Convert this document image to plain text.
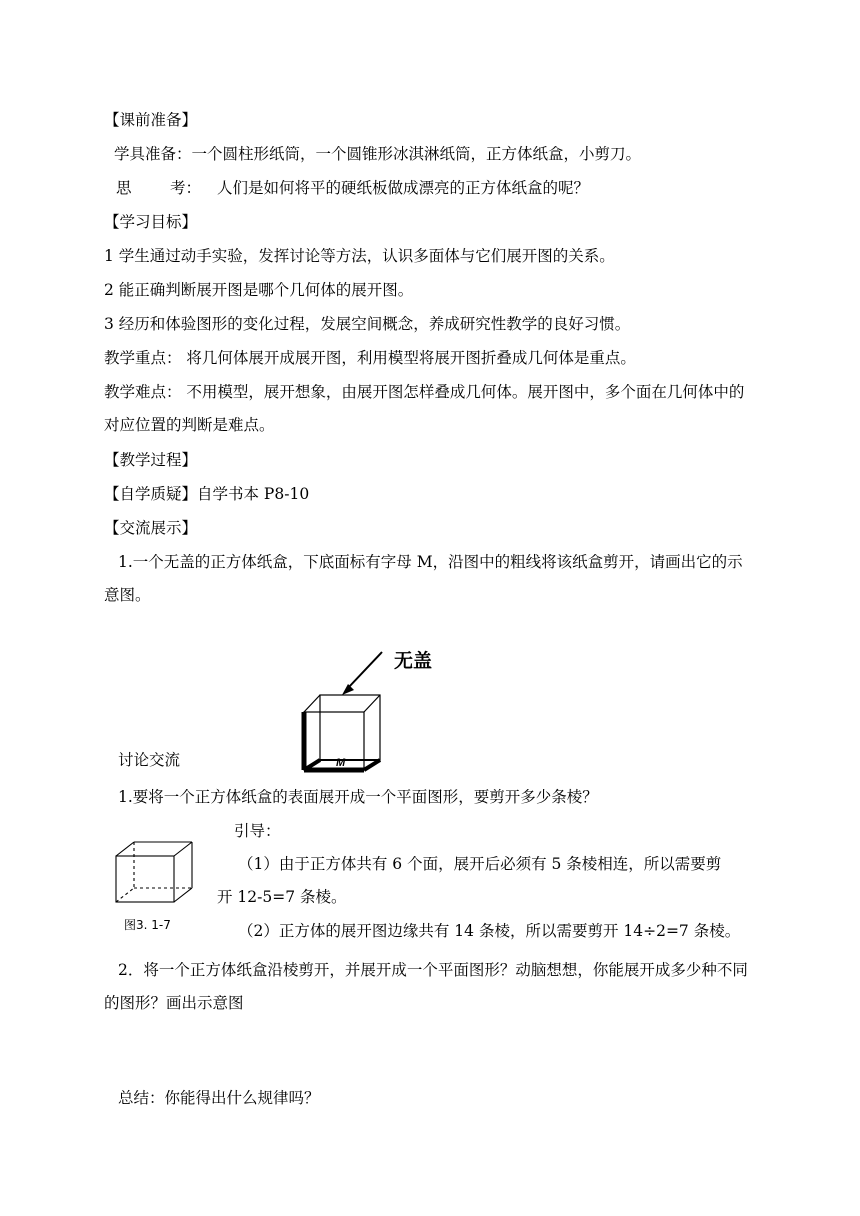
【课前准备】
学具准备：一个圆柱形纸筒，一个圆锥形冰淇淋纸筒，正方体纸盒，小剪刀。
思 考： 人们是如何将平的硬纸板做成漂亮的正方体纸盒的呢？
【学习目标】
1 学生通过动手实验，发挥讨论等方法，认识多面体与它们展开图的关系。
2 能正确判断展开图是哪个几何体的展开图。
3 经历和体验图形的变化过程，发展空间概念，养成研究性教学的良好习惯。
教学重点： 将几何体展开成展开图，利用模型将展开图折叠成几何体是重点。
教学难点： 不用模型，展开想象，由展开图怎样叠成几何体。展开图中，多个面在几何体中的对应位置的判断是难点。
【教学过程】
【自学质疑】自学书本 P8-10
【交流展示】
1.一个无盖的正方体纸盒，下底面标有字母 M，沿图中的粗线将该纸盒剪开，请画出它的示意图。
M
无盖
讨论交流
1.要将一个正方体纸盒的表面展开成一个平面图形，要剪开多少条棱？
引导：
（1）由于正方体共有 6 个面，展开后必须有 5 条棱相连，所以需要剪
开 12-5=7 条棱。
（2）正方体的展开图边缘共有 14 条棱，所以需要剪开 14÷2=7 条棱。
图3. 1-7
2．将一个正方体纸盒沿棱剪开，并展开成一个平面图形？动脑想想，你能展开成多少种不同的图形？画出示意图
总结：你能得出什么规律吗？
